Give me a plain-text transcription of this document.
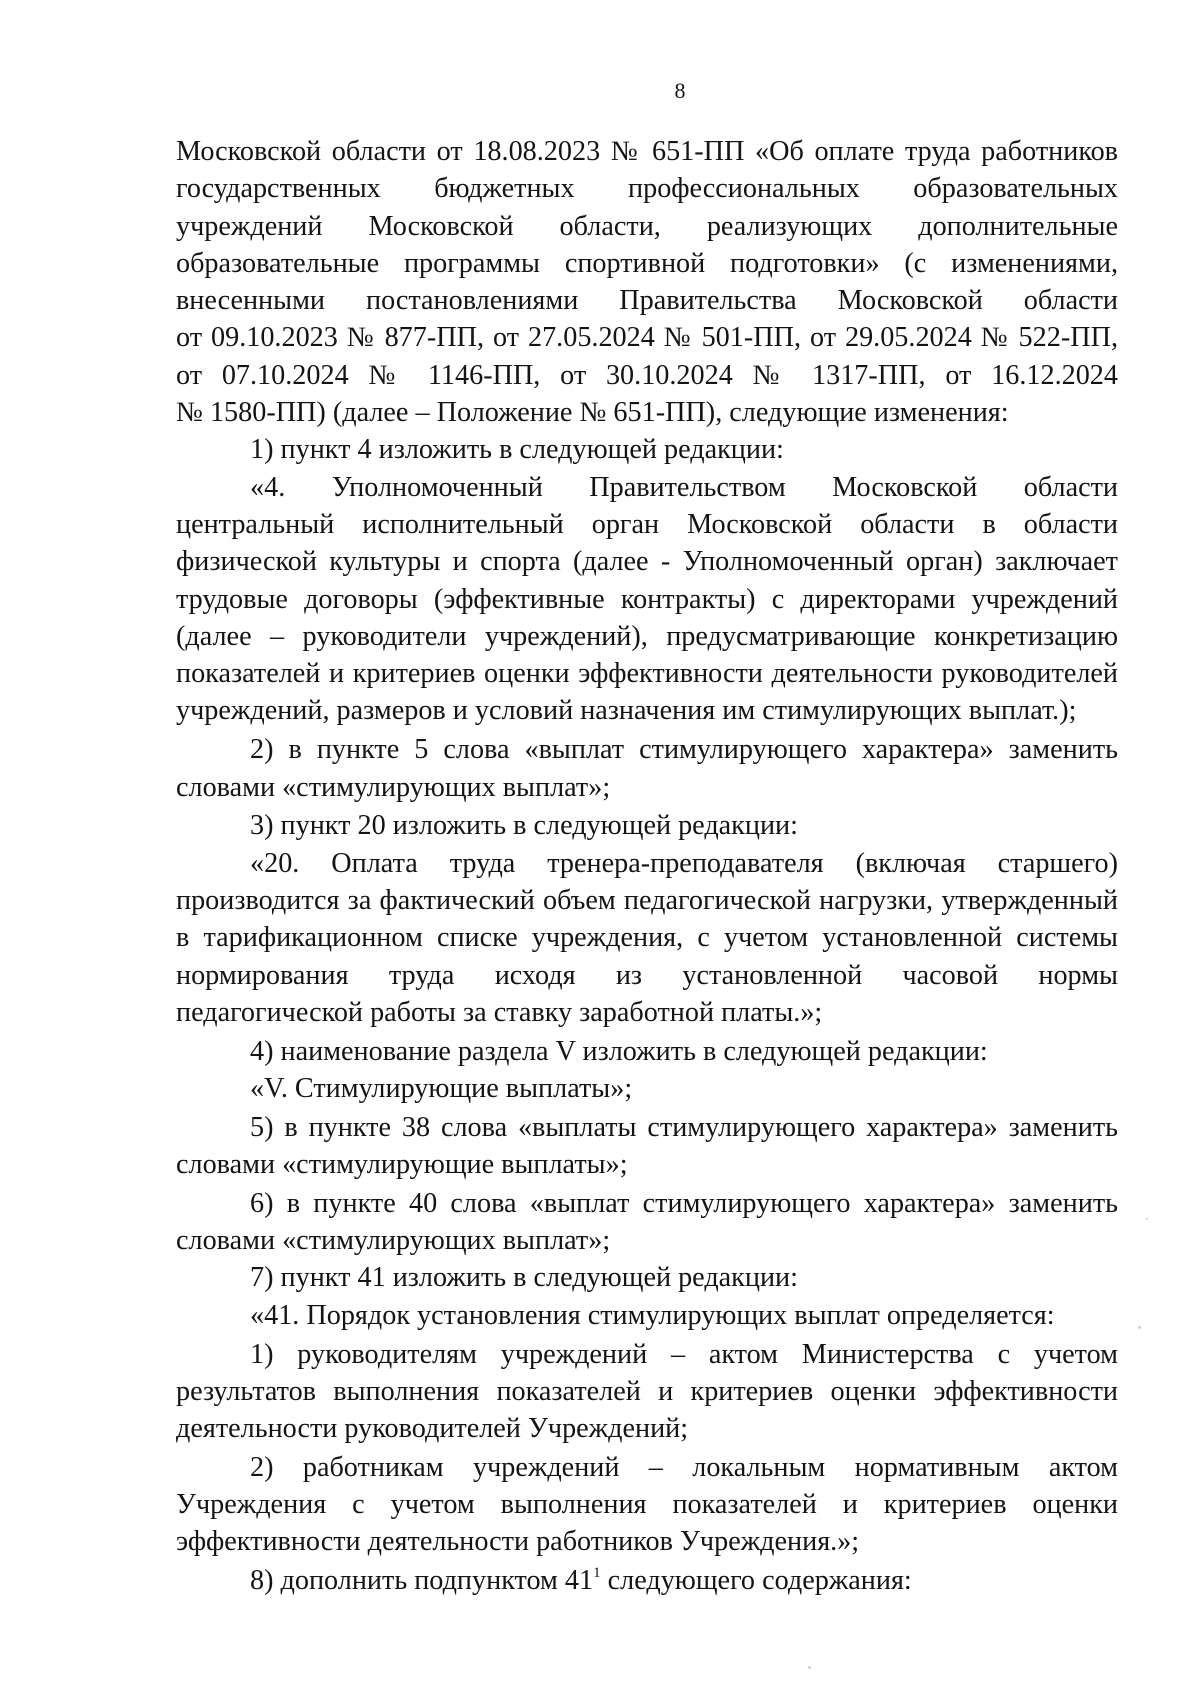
8
Московской области от 18.08.2023 № 651-ПП «Об оплате труда работников
государственных бюджетных профессиональных образовательных
учреждений Московской области, реализующих дополнительные
образовательные программы спортивной подготовки» (с изменениями,
внесенными постановлениями Правительства Московской области
от 09.10.2023 № 877-ПП, от 27.05.2024 № 501-ПП, от 29.05.2024 № 522-ПП,
от 07.10.2024 № 1146-ПП, от 30.10.2024 № 1317-ПП, от 16.12.2024
№ 1580-ПП) (далее – Положение № 651-ПП), следующие изменения:
1) пункт 4 изложить в следующей редакции:
«4. Уполномоченный Правительством Московской области
центральный исполнительный орган Московской области в области
физической культуры и спорта (далее - Уполномоченный орган) заключает
трудовые договоры (эффективные контракты) с директорами учреждений
(далее – руководители учреждений), предусматривающие конкретизацию
показателей и критериев оценки эффективности деятельности руководителей
учреждений, размеров и условий назначения им стимулирующих выплат.);
2) в пункте 5 слова «выплат стимулирующего характера» заменить
словами «стимулирующих выплат»;
3) пункт 20 изложить в следующей редакции:
«20. Оплата труда тренера-преподавателя (включая старшего)
производится за фактический объем педагогической нагрузки, утвержденный
в тарификационном списке учреждения, с учетом установленной системы
нормирования труда исходя из установленной часовой нормы
педагогической работы за ставку заработной платы.»;
4) наименование раздела V изложить в следующей редакции:
«V. Стимулирующие выплаты»;
5) в пункте 38 слова «выплаты стимулирующего характера» заменить
словами «стимулирующие выплаты»;
6) в пункте 40 слова «выплат стимулирующего характера» заменить
словами «стимулирующих выплат»;
7) пункт 41 изложить в следующей редакции:
«41. Порядок установления стимулирующих выплат определяется:
1) руководителям учреждений – актом Министерства с учетом
результатов выполнения показателей и критериев оценки эффективности
деятельности руководителей Учреждений;
2) работникам учреждений – локальным нормативным актом
Учреждения с учетом выполнения показателей и критериев оценки
эффективности деятельности работников Учреждения.»;
8) дополнить подпунктом $41^1$ следующего содержания:
